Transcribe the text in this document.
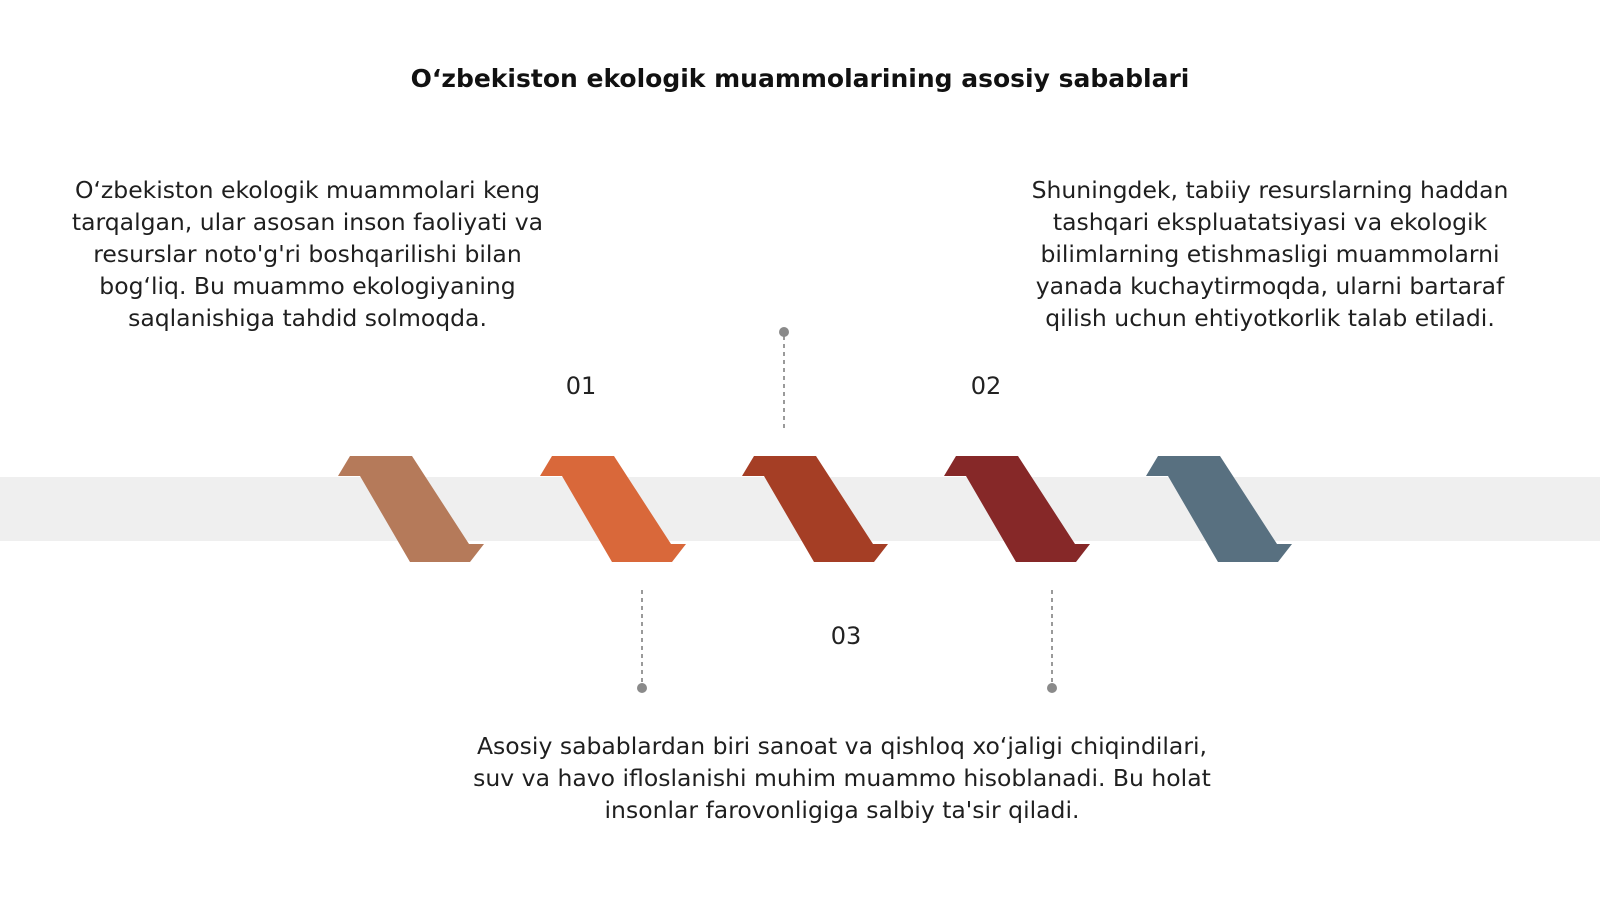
O‘zbekiston ekologik muammolarining asosiy sabablari
01	02
03
O‘zbekiston ekologik muammolari keng tarqalgan, ular asosan inson faoliyati va resurslar noto'g'ri boshqarilishi bilan bog‘liq. Bu muammo ekologiyaning saqlanishiga tahdid solmoqda.
Shuningdek, tabiiy resurslarning haddan tashqari ekspluatatsiyasi va ekologik bilimlarning etishmasligi muammolarni yanada kuchaytirmoqda, ularni bartaraf qilish uchun ehtiyotkorlik talab etiladi.
Asosiy sabablardan biri sanoat va qishloq xo‘jaligi chiqindilari, suv va havo ifloslanishi muhim muammo hisoblanadi. Bu holat insonlar farovonligiga salbiy ta'sir qiladi.
